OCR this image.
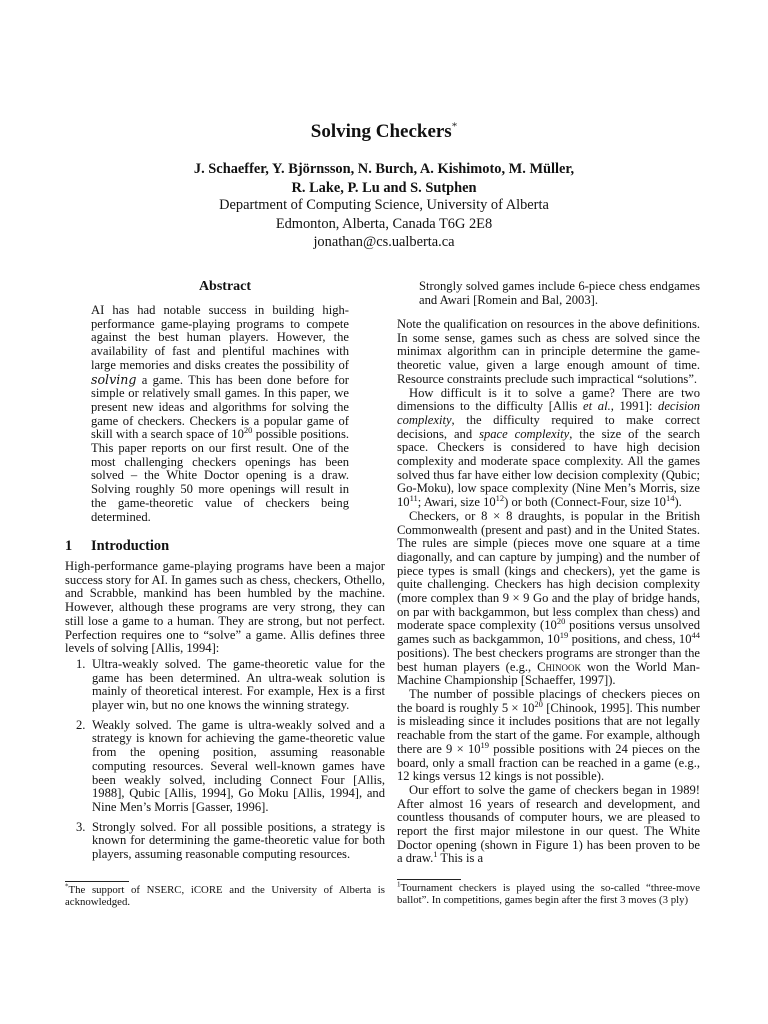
Solving Checkers*
J. Schaeffer, Y. Björnsson, N. Burch, A. Kishimoto, M. Müller,
R. Lake, P. Lu and S. Sutphen
Department of Computing Science, University of Alberta
Edmonton, Alberta, Canada T6G 2E8
jonathan@cs.ualberta.ca
Abstract
AI has had notable success in building high-performance game-playing programs to compete against the best human players. However, the availability of fast and plentiful machines with large memories and disks creates the possibility of solving a game. This has been done before for simple or relatively small games. In this paper, we present new ideas and algorithms for solving the game of checkers. Checkers is a popular game of skill with a search space of $10^{20}$ possible positions. This paper reports on our first result. One of the most challenging checkers openings has been solved – the White Doctor opening is a draw. Solving roughly 50 more openings will result in the game-theoretic value of checkers being determined.
1 Introduction

High-performance game-playing programs have been a major success story for AI. In games such as chess, checkers, Othello, and Scrabble, mankind has been humbled by the machine. However, although these programs are very strong, they can still lose a game to a human. They are strong, but not perfect. Perfection requires one to “solve” a game. Allis defines three levels of solving [Allis, 1994]:

1. Ultra-weakly solved. The game-theoretic value for the game has been determined. An ultra-weak solution is mainly of theoretical interest. For example, Hex is a first player win, but no one knows the winning strategy.
2. Weakly solved. The game is ultra-weakly solved and a strategy is known for achieving the game-theoretic value from the opening position, assuming reasonable computing resources. Several well-known games have been weakly solved, including Connect Four [Allis, 1988], Qubic [Allis, 1994], Go Moku [Allis, 1994], and Nine Men’s Morris [Gasser, 1996].
3. Strongly solved. For all possible positions, a strategy is known for determining the game-theoretic value for both players, assuming reasonable computing resources.
*The support of NSERC, iCORE and the University of Alberta is acknowledged.
Strongly solved games include 6-piece chess endgames and Awari [Romein and Bal, 2003].

Note the qualification on resources in the above definitions. In some sense, games such as chess are solved since the minimax algorithm can in principle determine the game-theoretic value, given a large enough amount of time. Resource constraints preclude such impractical “solutions”.

How difficult is it to solve a game? There are two dimensions to the difficulty [Allis et al., 1991]: decision complexity, the difficulty required to make correct decisions, and space complexity, the size of the search space. Checkers is considered to have high decision complexity and moderate space complexity. All the games solved thus far have either low decision complexity (Qubic; Go-Moku), low space complexity (Nine Men’s Morris, size $10^{11}$; Awari, size $10^{12}$) or both (Connect-Four, size $10^{14}$).

Checkers, or 8 × 8 draughts, is popular in the British Commonwealth (present and past) and in the United States. The rules are simple (pieces move one square at a time diagonally, and can capture by jumping) and the number of piece types is small (kings and checkers), yet the game is quite challenging. Checkers has high decision complexity (more complex than 9 × 9 Go and the play of bridge hands, on par with backgammon, but less complex than chess) and moderate space complexity ($10^{20}$ positions versus unsolved games such as backgammon, $10^{19}$ positions, and chess, $10^{44}$ positions). The best checkers programs are stronger than the best human players (e.g., Chinook won the World Man-Machine Championship [Schaeffer, 1997]).

The number of possible placings of checkers pieces on the board is roughly $5 \times 10^{20}$ [Chinook, 1995]. This number is misleading since it includes positions that are not legally reachable from the start of the game. For example, although there are $9 \times 10^{19}$ possible positions with 24 pieces on the board, only a small fraction can be reached in a game (e.g., 12 kings versus 12 kings is not possible).

Our effort to solve the game of checkers began in 1989! After almost 16 years of research and development, and countless thousands of computer hours, we are pleased to report the first major milestone in our quest. The White Doctor opening (shown in Figure 1) has been proven to be a draw.$^1$ This is a

$^1$Tournament checkers is played using the so-called “three-move ballot”. In competitions, games begin after the first 3 moves (3 ply)
